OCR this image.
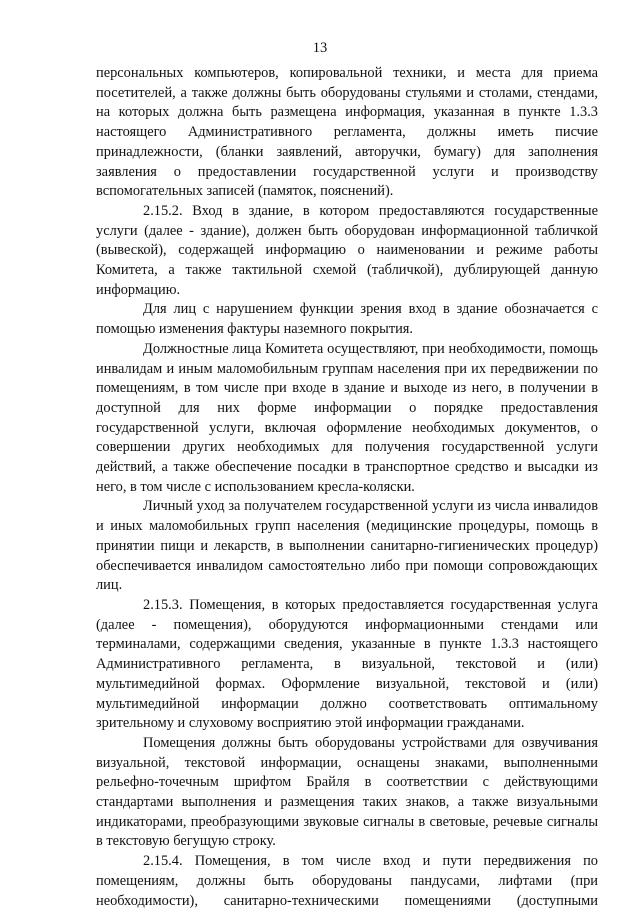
13

персональных компьютеров, копировальной техники, и места для приема посетителей, а также должны быть оборудованы стульями и столами, стендами, на которых должна быть размещена информация, указанная в пункте 1.3.3 настоящего Административного регламента, должны иметь писчие принадлежности, (бланки заявлений, авторучки, бумагу) для заполнения заявления о предоставлении государственной услуги и производству вспомогательных записей (памяток, пояснений).

2.15.2. Вход в здание, в котором предоставляются государственные услуги (далее - здание), должен быть оборудован информационной табличкой (вывеской), содержащей информацию о наименовании и режиме работы Комитета, а также тактильной схемой (табличкой), дублирующей данную информацию.

Для лиц с нарушением функции зрения вход в здание обозначается с помощью изменения фактуры наземного покрытия.

Должностные лица Комитета осуществляют, при необходимости, помощь инвалидам и иным маломобильным группам населения при их передвижении по помещениям, в том числе при входе в здание и выходе из него, в получении в доступной для них форме информации о порядке предоставления государственной услуги, включая оформление необходимых документов, о совершении других необходимых для получения государственной услуги действий, а также обеспечение посадки в транспортное средство и высадки из него, в том числе с использованием кресла-коляски.

Личный уход за получателем государственной услуги из числа инвалидов и иных маломобильных групп населения (медицинские процедуры, помощь в принятии пищи и лекарств, в выполнении санитарно-гигиенических процедур) обеспечивается инвалидом самостоятельно либо при помощи сопровождающих лиц.

2.15.3. Помещения, в которых предоставляется государственная услуга (далее - помещения), оборудуются информационными стендами или терминалами, содержащими сведения, указанные в пункте 1.3.3 настоящего Административного регламента, в визуальной, текстовой и (или) мультимедийной формах. Оформление визуальной, текстовой и (или) мультимедийной информации должно соответствовать оптимальному зрительному и слуховому восприятию этой информации гражданами.

Помещения должны быть оборудованы устройствами для озвучивания визуальной, текстовой информации, оснащены знаками, выполненными рельефно-точечным шрифтом Брайля в соответствии с действующими стандартами выполнения и размещения таких знаков, а также визуальными индикаторами, преобразующими звуковые сигналы в световые, речевые сигналы в текстовую бегущую строку.

2.15.4. Помещения, в том числе вход и пути передвижения по помещениям, должны быть оборудованы пандусами, лифтами (при необходимости), санитарно-техническими помещениями (доступными
